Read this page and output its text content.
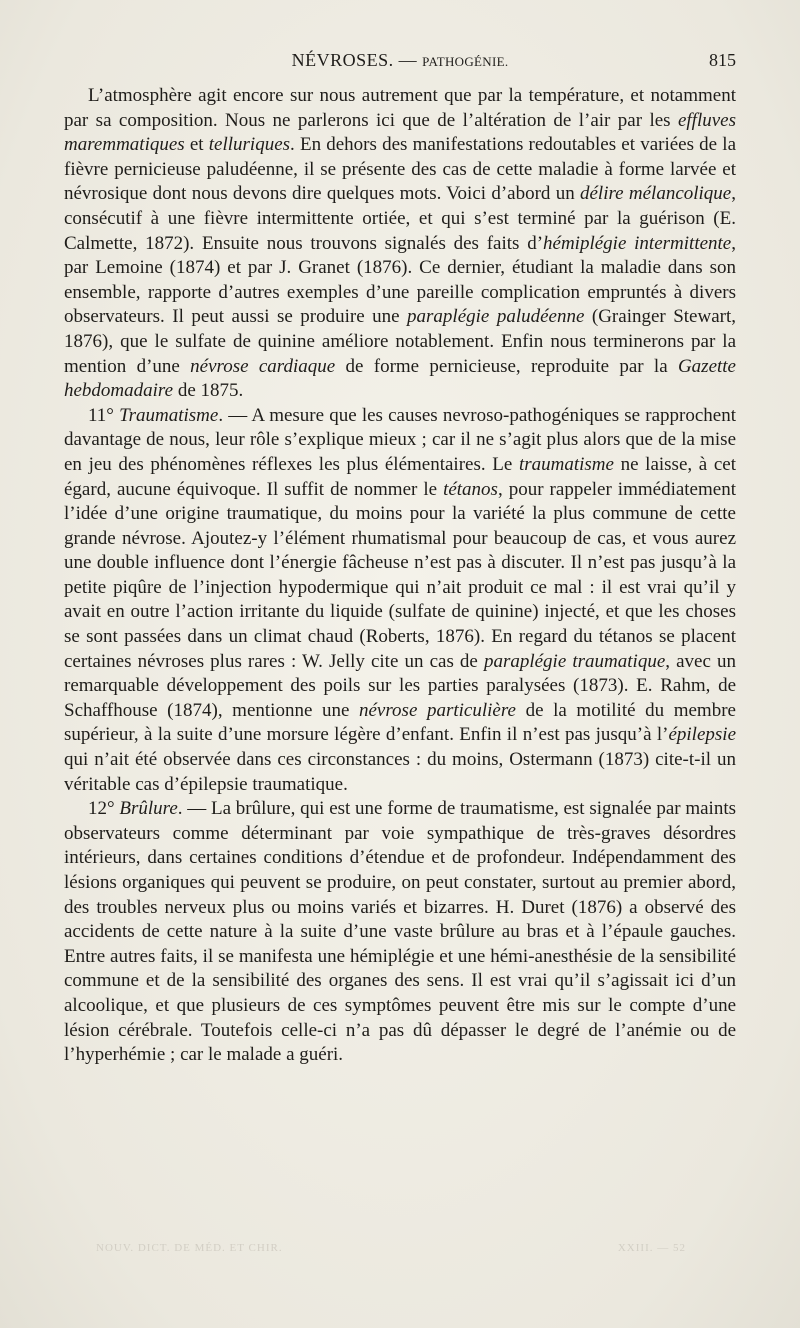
NÉVROSES. — PATHOGÉNIE.	815

L’atmosphère agit encore sur nous autrement que par la température, et notamment par sa composition. Nous ne parlerons ici que de l’altération de l’air par les effluves maremmatiques et telluriques. En dehors des manifestations redoutables et variées de la fièvre pernicieuse paludéenne, il se présente des cas de cette maladie à forme larvée et névrosique dont nous devons dire quelques mots. Voici d’abord un délire mélancolique, consécutif à une fièvre intermittente ortiée, et qui s’est terminé par la guérison (E. Calmette, 1872). Ensuite nous trouvons signalés des faits d’hémiplégie intermittente, par Lemoine (1874) et par J. Granet (1876). Ce dernier, étudiant la maladie dans son ensemble, rapporte d’autres exemples d’une pareille complication empruntés à divers observateurs. Il peut aussi se produire une paraplégie paludéenne (Grainger Stewart, 1876), que le sulfate de quinine améliore notablement. Enfin nous terminerons par la mention d’une névrose cardiaque de forme pernicieuse, reproduite par la Gazette hebdomadaire de 1875.

11° Traumatisme. — A mesure que les causes nevroso-pathogéniques se rapprochent davantage de nous, leur rôle s’explique mieux ; car il ne s’agit plus alors que de la mise en jeu des phénomènes réflexes les plus élémentaires. Le traumatisme ne laisse, à cet égard, aucune équivoque. Il suffit de nommer le tétanos, pour rappeler immédiatement l’idée d’une origine traumatique, du moins pour la variété la plus commune de cette grande névrose. Ajoutez-y l’élément rhumatismal pour beaucoup de cas, et vous aurez une double influence dont l’énergie fâcheuse n’est pas à discuter. Il n’est pas jusqu’à la petite piqûre de l’injection hypodermique qui n’ait produit ce mal : il est vrai qu’il y avait en outre l’action irritante du liquide (sulfate de quinine) injecté, et que les choses se sont passées dans un climat chaud (Roberts, 1876). En regard du tétanos se placent certaines névroses plus rares : W. Jelly cite un cas de paraplégie traumatique, avec un remarquable développement des poils sur les parties paralysées (1873). E. Rahm, de Schaffhouse (1874), mentionne une névrose particulière de la motilité du membre supérieur, à la suite d’une morsure légère d’enfant. Enfin il n’est pas jusqu’à l’épilepsie qui n’ait été observée dans ces circonstances : du moins, Ostermann (1873) cite-t-il un véritable cas d’épilepsie traumatique.

12° Brûlure. — La brûlure, qui est une forme de traumatisme, est signalée par maints observateurs comme déterminant par voie sympathique de très-graves désordres intérieurs, dans certaines conditions d’étendue et de profondeur. Indépendamment des lésions organiques qui peuvent se produire, on peut constater, surtout au premier abord, des troubles nerveux plus ou moins variés et bizarres. H. Duret (1876) a observé des accidents de cette nature à la suite d’une vaste brûlure au bras et à l’épaule gauches. Entre autres faits, il se manifesta une hémiplégie et une hémi-anesthésie de la sensibilité commune et de la sensibilité des organes des sens. Il est vrai qu’il s’agissait ici d’un alcoolique, et que plusieurs de ces symptômes peuvent être mis sur le compte d’une lésion cérébrale. Toutefois celle-ci n’a pas dû dépasser le degré de l’anémie ou de l’hyperhémie ; car le malade a guéri.

NOUV. DICT. DE MÉD. ET CHIR.	XXIII. — 52
